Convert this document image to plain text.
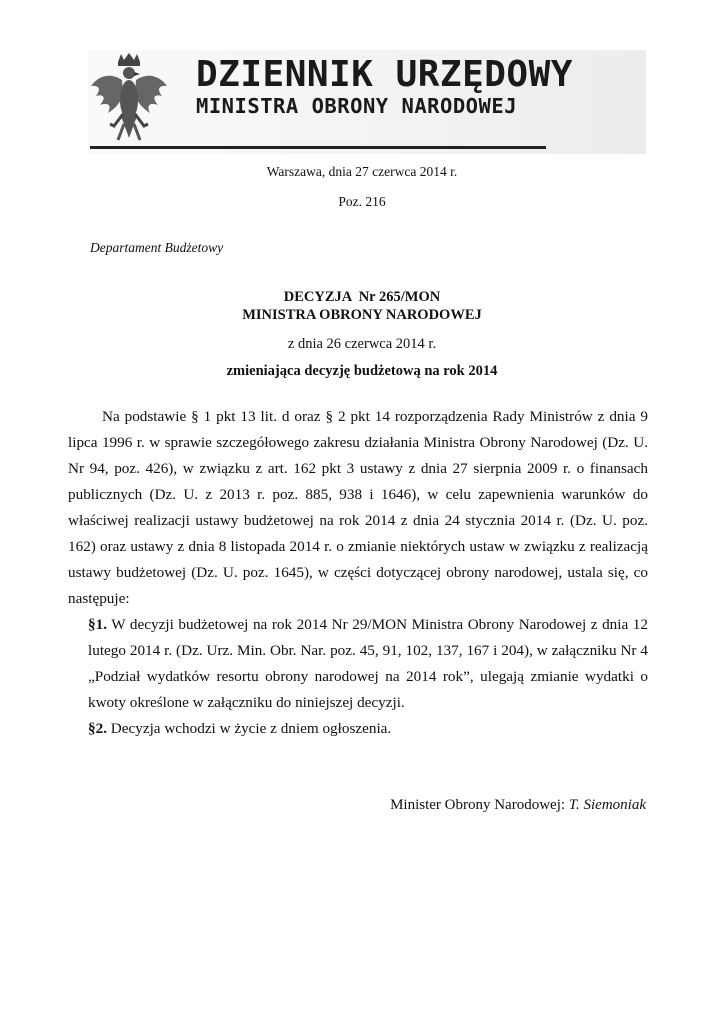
DZIENNIK URZĘDOWY
MINISTRA OBRONY NARODOWEJ
Warszawa, dnia 27 czerwca 2014 r.
Poz. 216
Departament Budżetowy
DECYZJA  Nr 265/MON
MINISTRA OBRONY NARODOWEJ
z dnia 26 czerwca 2014 r.
zmieniająca decyzję budżetową na rok 2014

Na podstawie § 1 pkt 13 lit. d oraz § 2 pkt 14 rozporządzenia Rady Ministrów z dnia 9 lipca 1996 r. w sprawie szczegółowego zakresu działania Ministra Obrony Narodowej (Dz. U. Nr 94, poz. 426), w związku z art. 162 pkt 3 ustawy z dnia 27 sierpnia 2009 r. o finansach publicznych (Dz. U. z 2013 r. poz. 885, 938 i 1646), w celu zapewnienia warunków do właściwej realizacji ustawy budżetowej na rok 2014 z dnia 24 stycznia 2014 r. (Dz. U. poz. 162) oraz ustawy z dnia 8 listopada 2014 r. o zmianie niektórych ustaw w związku z realizacją ustawy budżetowej (Dz. U. poz. 1645), w części dotyczącej obrony narodowej, ustala się, co następuje:

§1. W decyzji budżetowej na rok 2014 Nr 29/MON Ministra Obrony Narodowej z dnia 12 lutego 2014 r. (Dz. Urz. Min. Obr. Nar. poz. 45, 91, 102, 137, 167 i 204), w załączniku Nr 4 „Podział wydatków resortu obrony narodowej na 2014 rok”, ulegają zmianie wydatki o kwoty określone w załączniku do niniejszej decyzji.

§2. Decyzja wchodzi w życie z dniem ogłoszenia.

Minister Obrony Narodowej: T. Siemoniak
